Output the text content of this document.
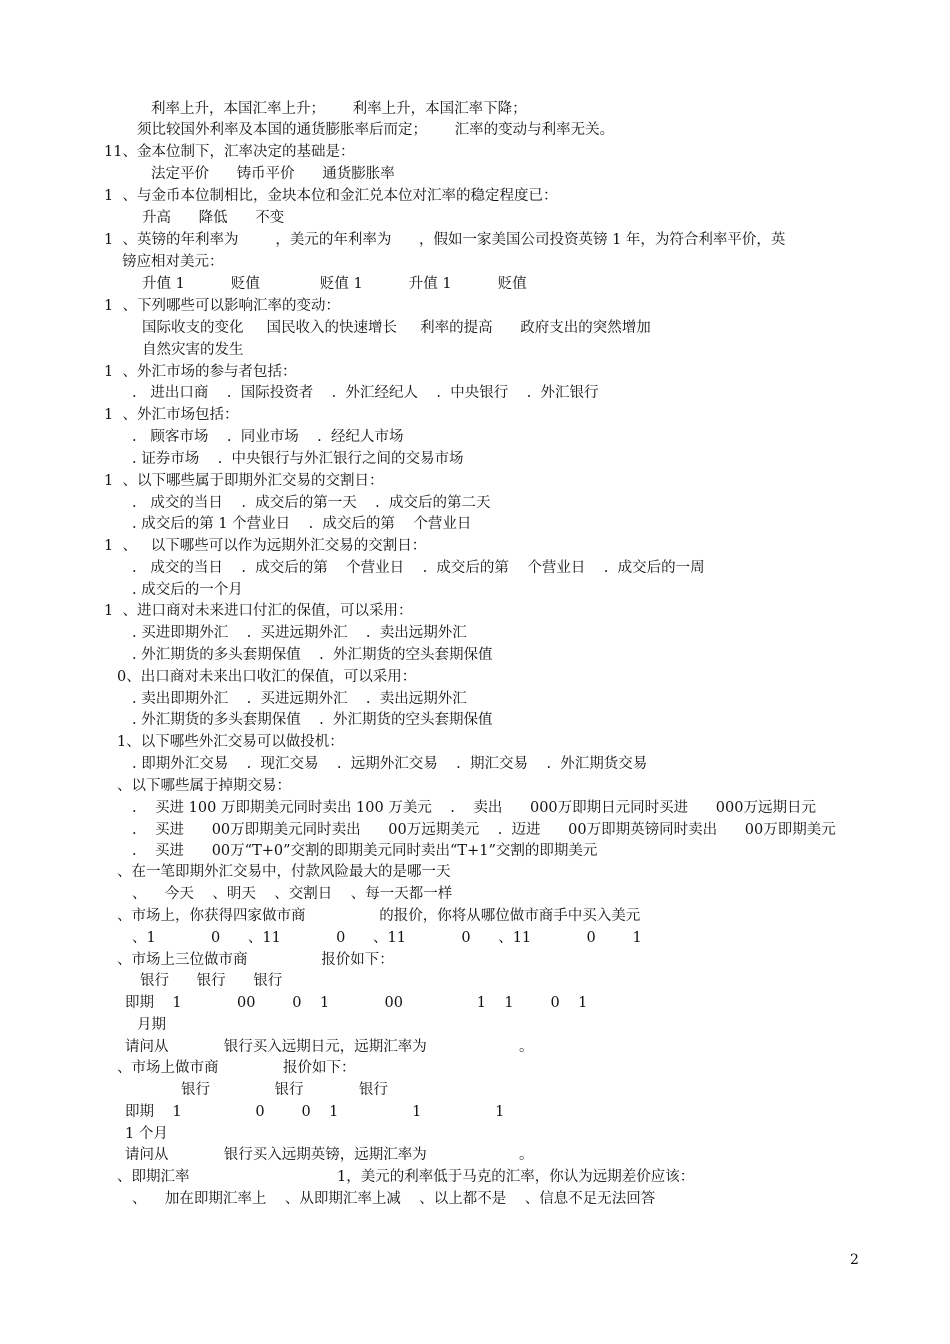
利率上升，本国汇率上升；      利率上升，本国汇率下降；
须比较国外利率及本国的通货膨胀率后而定；      汇率的变动与利率无关。
11、金本位制下，汇率决定的基础是：
法定平价      铸币平价      通货膨胀率
1  、与金币本位制相比，金块本位和金汇兑本位对汇率的稳定程度已：
升高      降低      不变
1  、英镑的年利率为        ，美元的年利率为      ，假如一家美国公司投资英镑 1 年，为符合利率平价，英
镑应相对美元：
升值 1          贬值             贬值 1          升值 1          贬值
1  、下列哪些可以影响汇率的变动：
国际收支的变化     国民收入的快速增长     利率的提高      政府支出的突然增加
自然灾害的发生
1  、外汇市场的参与者包括：
.   进出口商    .  国际投资者    .  外汇经纪人    .  中央银行    .  外汇银行
1  、外汇市场包括：
.   顾客市场    .  同业市场    .  经纪人市场
. 证券市场    .  中央银行与外汇银行之间的交易市场
1  、以下哪些属于即期外汇交易的交割日：
.   成交的当日    .  成交后的第一天    .  成交后的第二天
. 成交后的第 1 个营业日    .  成交后的第    个营业日
1  、   以下哪些可以作为远期外汇交易的交割日：
.   成交的当日    .  成交后的第    个营业日    .  成交后的第    个营业日    .  成交后的一周
. 成交后的一个月
1  、进口商对未来进口付汇的保值，可以采用：
. 买进即期外汇    .  买进远期外汇    .  卖出远期外汇
. 外汇期货的多头套期保值    .  外汇期货的空头套期保值
0、出口商对未来出口收汇的保值，可以采用：
. 卖出即期外汇    .  买进远期外汇    .  卖出远期外汇
. 外汇期货的多头套期保值    .  外汇期货的空头套期保值
1、以下哪些外汇交易可以做投机：
. 即期外汇交易    .  现汇交易    .  远期外汇交易    .  期汇交易    .  外汇期货交易
、以下哪些属于掉期交易：
.    买进 100 万即期美元同时卖出 100 万美元    .    卖出      000万即期日元同时买进      000万远期日元
.    买进      00万即期美元同时卖出      00万远期美元    .  迈进      00万即期英镑同时卖出      00万即期美元
.    买进      00万“T+0”交割的即期美元同时卖出“T+1”交割的即期美元
、在一笔即期外汇交易中，付款风险最大的是哪一天
、    今天    、明天    、交割日    、每一天都一样
、市场上，你获得四家做市商                的报价，你将从哪位做市商手中买入美元
、1            0      、11            0      、11            0      、11            0        1
、市场上三位做市商                报价如下：
银行      银行      银行
即期    1            00        0    1            00                1    1        0    1
月期
请问从            银行买入远期日元，远期汇率为                    。
、市场上做市商              报价如下：
银行              银行            银行
即期    1                0        0    1                1                1
1 个月
请问从            银行买入远期英镑，远期汇率为                    。
、即期汇率                                1，美元的利率低于马克的汇率，你认为远期差价应该：
、    加在即期汇率上    、从即期汇率上减    、以上都不是    、信息不足无法回答
2
